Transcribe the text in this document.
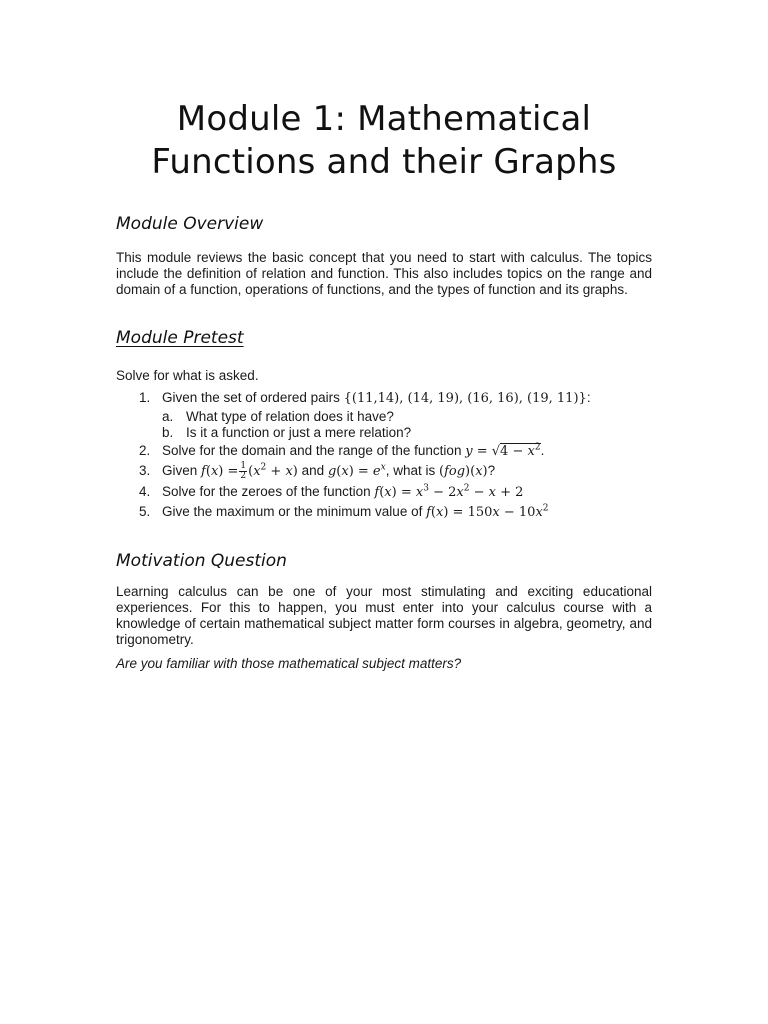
Module 1: Mathematical
Functions and their Graphs
Module Overview

This module reviews the basic concept that you need to start with calculus. The topics include the definition of relation and function. This also includes topics on the range and domain of a function, operations of functions, and the types of function and its graphs.

Module Pretest

Solve for what is asked.

1. Given the set of ordered pairs {(11,14), (14, 19), (16, 16), (19, 11)}:
a. What type of relation does it have?
b. Is it a function or just a mere relation?
2. Solve for the domain and the range of the function $y = √4 - x^2$.
3. Given $f(x) = \frac{1}{2} (x^2 + x)$ and $g(x) = e^x$, what is (fog)(x)?
4. Solve for the zeroes of the function $f(x) = x^3 - 2x^2 - x + 2$
5. Give the maximum or the minimum value of $f(x) = 150x - 10x^2$
Motivation Question

Learning calculus can be one of your most stimulating and exciting educational experiences. For this to happen, you must enter into your calculus course with a knowledge of certain mathematical subject matter form courses in algebra, geometry, and trigonometry.

Are you familiar with those mathematical subject matters?
